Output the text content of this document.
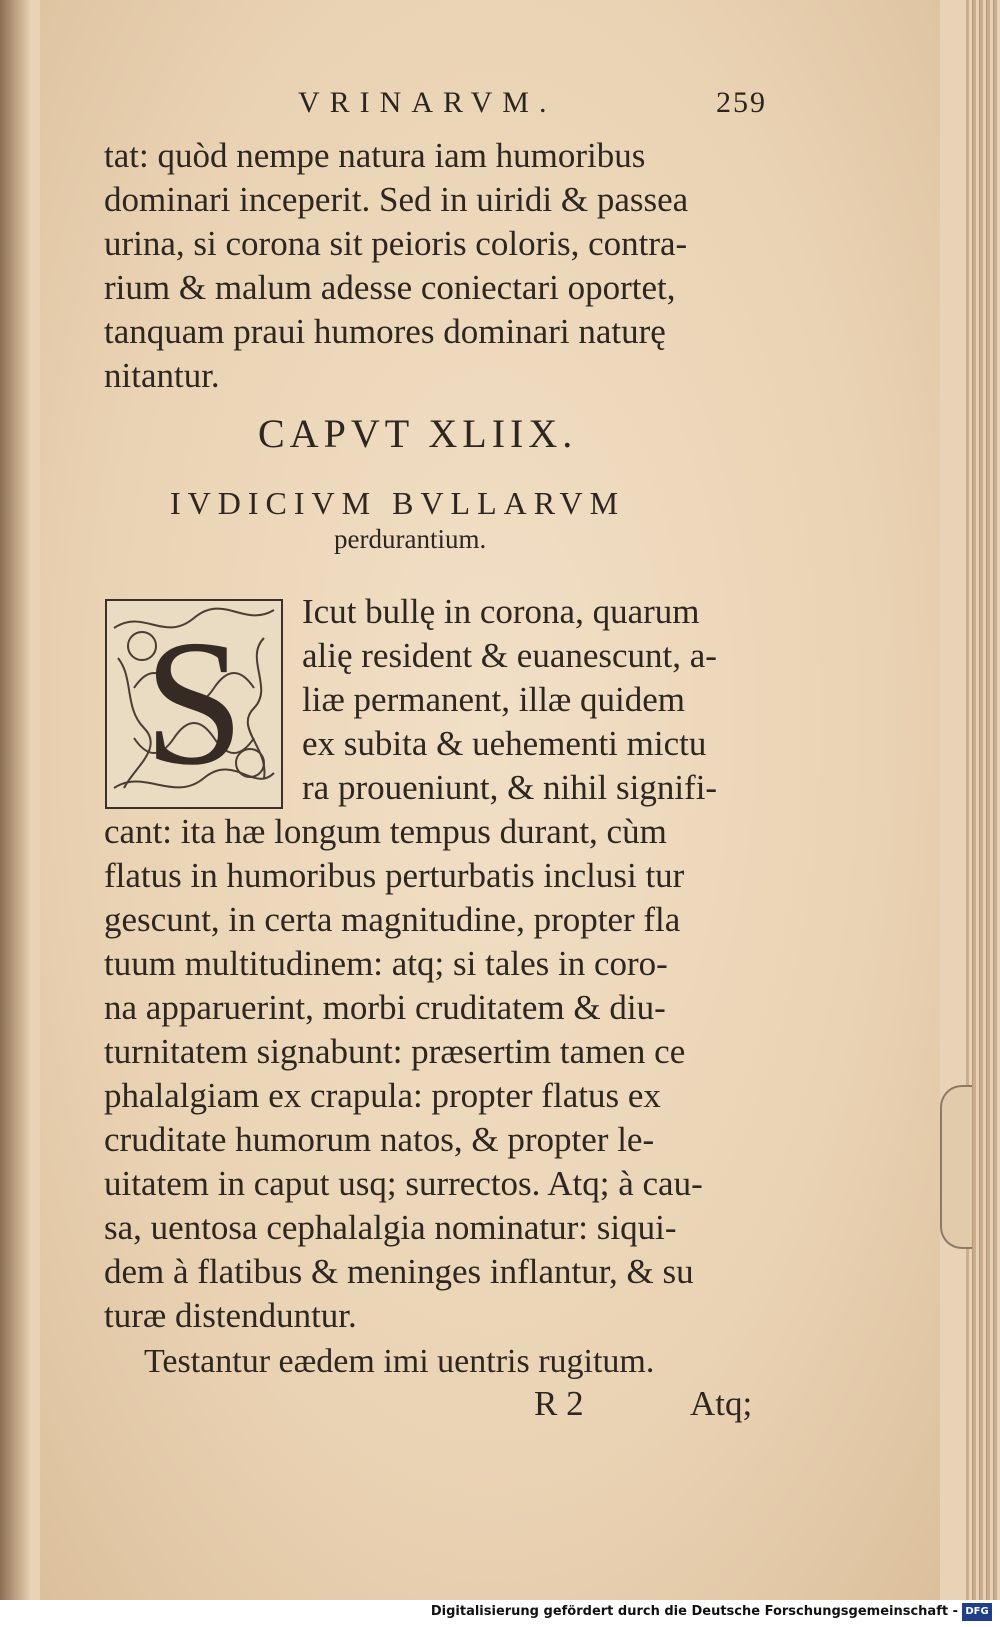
VRINARVM.	259
tat: quòd nempe natura iam humoribus
dominari inceperit. Sed in uiridi & passea
urina, si corona sit peioris coloris, contra-
rium & malum adesse coniectari oportet,
tanquam praui humores dominari naturę
nitantur.
CAPVT XLIIX.
IVDICIVM BVLLARVM
perdurantium.
S Icut bullę in corona, quarum
alię resident & euanescunt, a-
liæ permanent, illæ quidem
ex subita & uehementi mictu
ra proueniunt, & nihil signifi-
cant: ita hæ longum tempus durant, cùm
flatus in humoribus perturbatis inclusi tur
gescunt, in certa magnitudine, propter fla
tuum multitudinem: atq; si tales in coro-
na apparuerint, morbi cruditatem & diu-
turnitatem signabunt: præsertim tamen ce
phalalgiam ex crapula: propter flatus ex
cruditate humorum natos, & propter le-
uitatem in caput usq; surrectos. Atq; à cau-
sa, uentosa cephalalgia nominatur: siqui-
dem à flatibus & meninges inflantur, & su
turæ distenduntur.
Testantur eædem imi uentris rugitum.
R 2	Atq;
Digitalisierung gefördert durch die Deutsche Forschungsgemeinschaft - DFG
